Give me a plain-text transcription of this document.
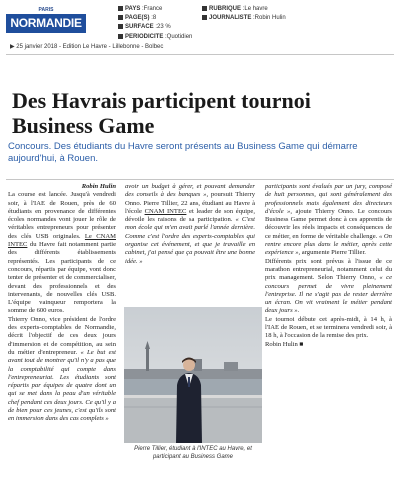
PARIS
NORMANDIE
PAYS :France
PAGE(S) :8
SURFACE :23 %
PERIODICITE :Quotidien
RUBRIQUE :Le havre
JOURNALISTE :Robin Hulin
▶ 25 janvier 2018 - Edition Le Havre - Lillebonne - Bolbec
Des Havrais participent tournoi Business Game
Concours. Des étudiants du Havre seront présents au Business Game qui démarre aujourd'hui, à Rouen.

Robin Hulin

La course est lancée. Jusqu'à vendredi soir, à l'IAE de Rouen, près de 60 étudiants en provenance de différentes écoles normandes vont jouer le rôle de véritables entrepreneurs pour présenter des clés USB originales. Le CNAM INTEC du Havre fait notamment partie des différents établissements représentés. Les participants de ce concours, répartis par équipe, vont donc tenter de présenter et de commercialiser, devant des professionnels et des intervenants, de nouvelles clés USB. L'équipe vainqueur remportera la somme de 600 euros.

Thierry Onno, vice président de l'ordre des experts-comptables de Normandie, décrit l'objectif de ces deux jours d'immersion et de compétition, au sein du métier d'entrepreneur. « Le but est avant tout de montrer qu'il n'y a pas que la comptabilité qui compte dans l'entrepreneuriat. Les étudiants sont répartis par équipes de quatre dont un qui se met dans la peau d'un véritable chef pendant ces deux jours. Ce qu'il y a de bien pour ces jeunes, c'est qu'ils sont en immersion dans des cas complets »

avoir un budget à gérer, et pouvant demander des conseils à des banques », poursuit Thierry Onno. Pierre Tillier, 22 ans, étudiant au Havre à l'école CNAM INTEC et leader de son équipe, dévoile les raisons de sa participation. « C'est mon école qui m'en avait parlé l'année dernière. Comme c'est l'ordre des experts-comptables qui organise cet événement, et que je travaille en cabinet, j'ai pensé que ça pouvait être une bonne idée. »

Pierre Tillier, étudiant à l'INTEC au Havre, et participant au Business Game

participants sont évalués par un jury, composé de huit personnes, qui sont généralement des professionnels mais également des directeurs d'école », ajoute Thierry Onno. Le concours Business Game permet donc à ces apprentis de découvrir les réels impacts et conséquences de ce métier, en forme de véritable challenge. « On rentre encore plus dans le métier, après cette expérience », argumente Pierre Tillier.

Différents prix sont prévus à l'issue de ce marathon entrepreneurial, notamment celui du prix management. Selon Thierry Onno, « ce concours permet de vivre pleinement l'entreprise. Il ne s'agit pas de rester derrière un écran. On vit vraiment le métier pendant deux jours ».

Le tournoi débute cet après-midi, à 14 h, à l'IAE de Rouen, et se terminera vendredi soir, à 18 h, à l'occasion de la remise des prix.

Robin Hulin ■
